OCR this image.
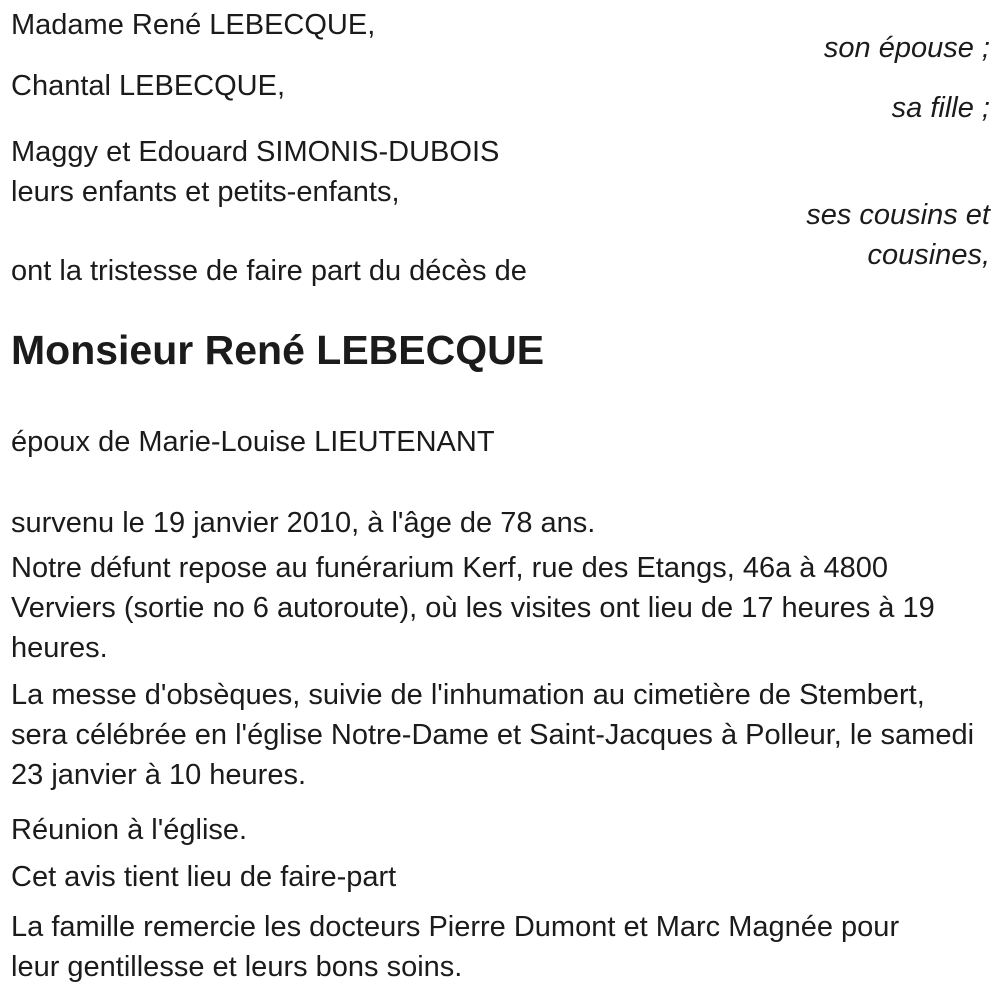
Madame René LEBECQUE,
son épouse ;
Chantal LEBECQUE,
sa fille ;
Maggy et Edouard SIMONIS-DUBOIS
leurs enfants et petits-enfants,
ses cousins et cousines,
ont la tristesse de faire part du décès de
Monsieur René LEBECQUE
époux de Marie-Louise LIEUTENANT
survenu le 19 janvier 2010, à l'âge de 78 ans.
Notre défunt repose au funérarium Kerf, rue des Etangs, 46a à 4800
Verviers (sortie no 6 autoroute), où les visites ont lieu de 17 heures à 19
heures.
La messe d'obsèques, suivie de l'inhumation au cimetière de Stembert,
sera célébrée en l'église Notre-Dame et Saint-Jacques à Polleur, le samedi
23 janvier à 10 heures.
Réunion à l'église.
Cet avis tient lieu de faire-part
La famille remercie les docteurs Pierre Dumont et Marc Magnée pour
leur gentillesse et leurs bons soins.
